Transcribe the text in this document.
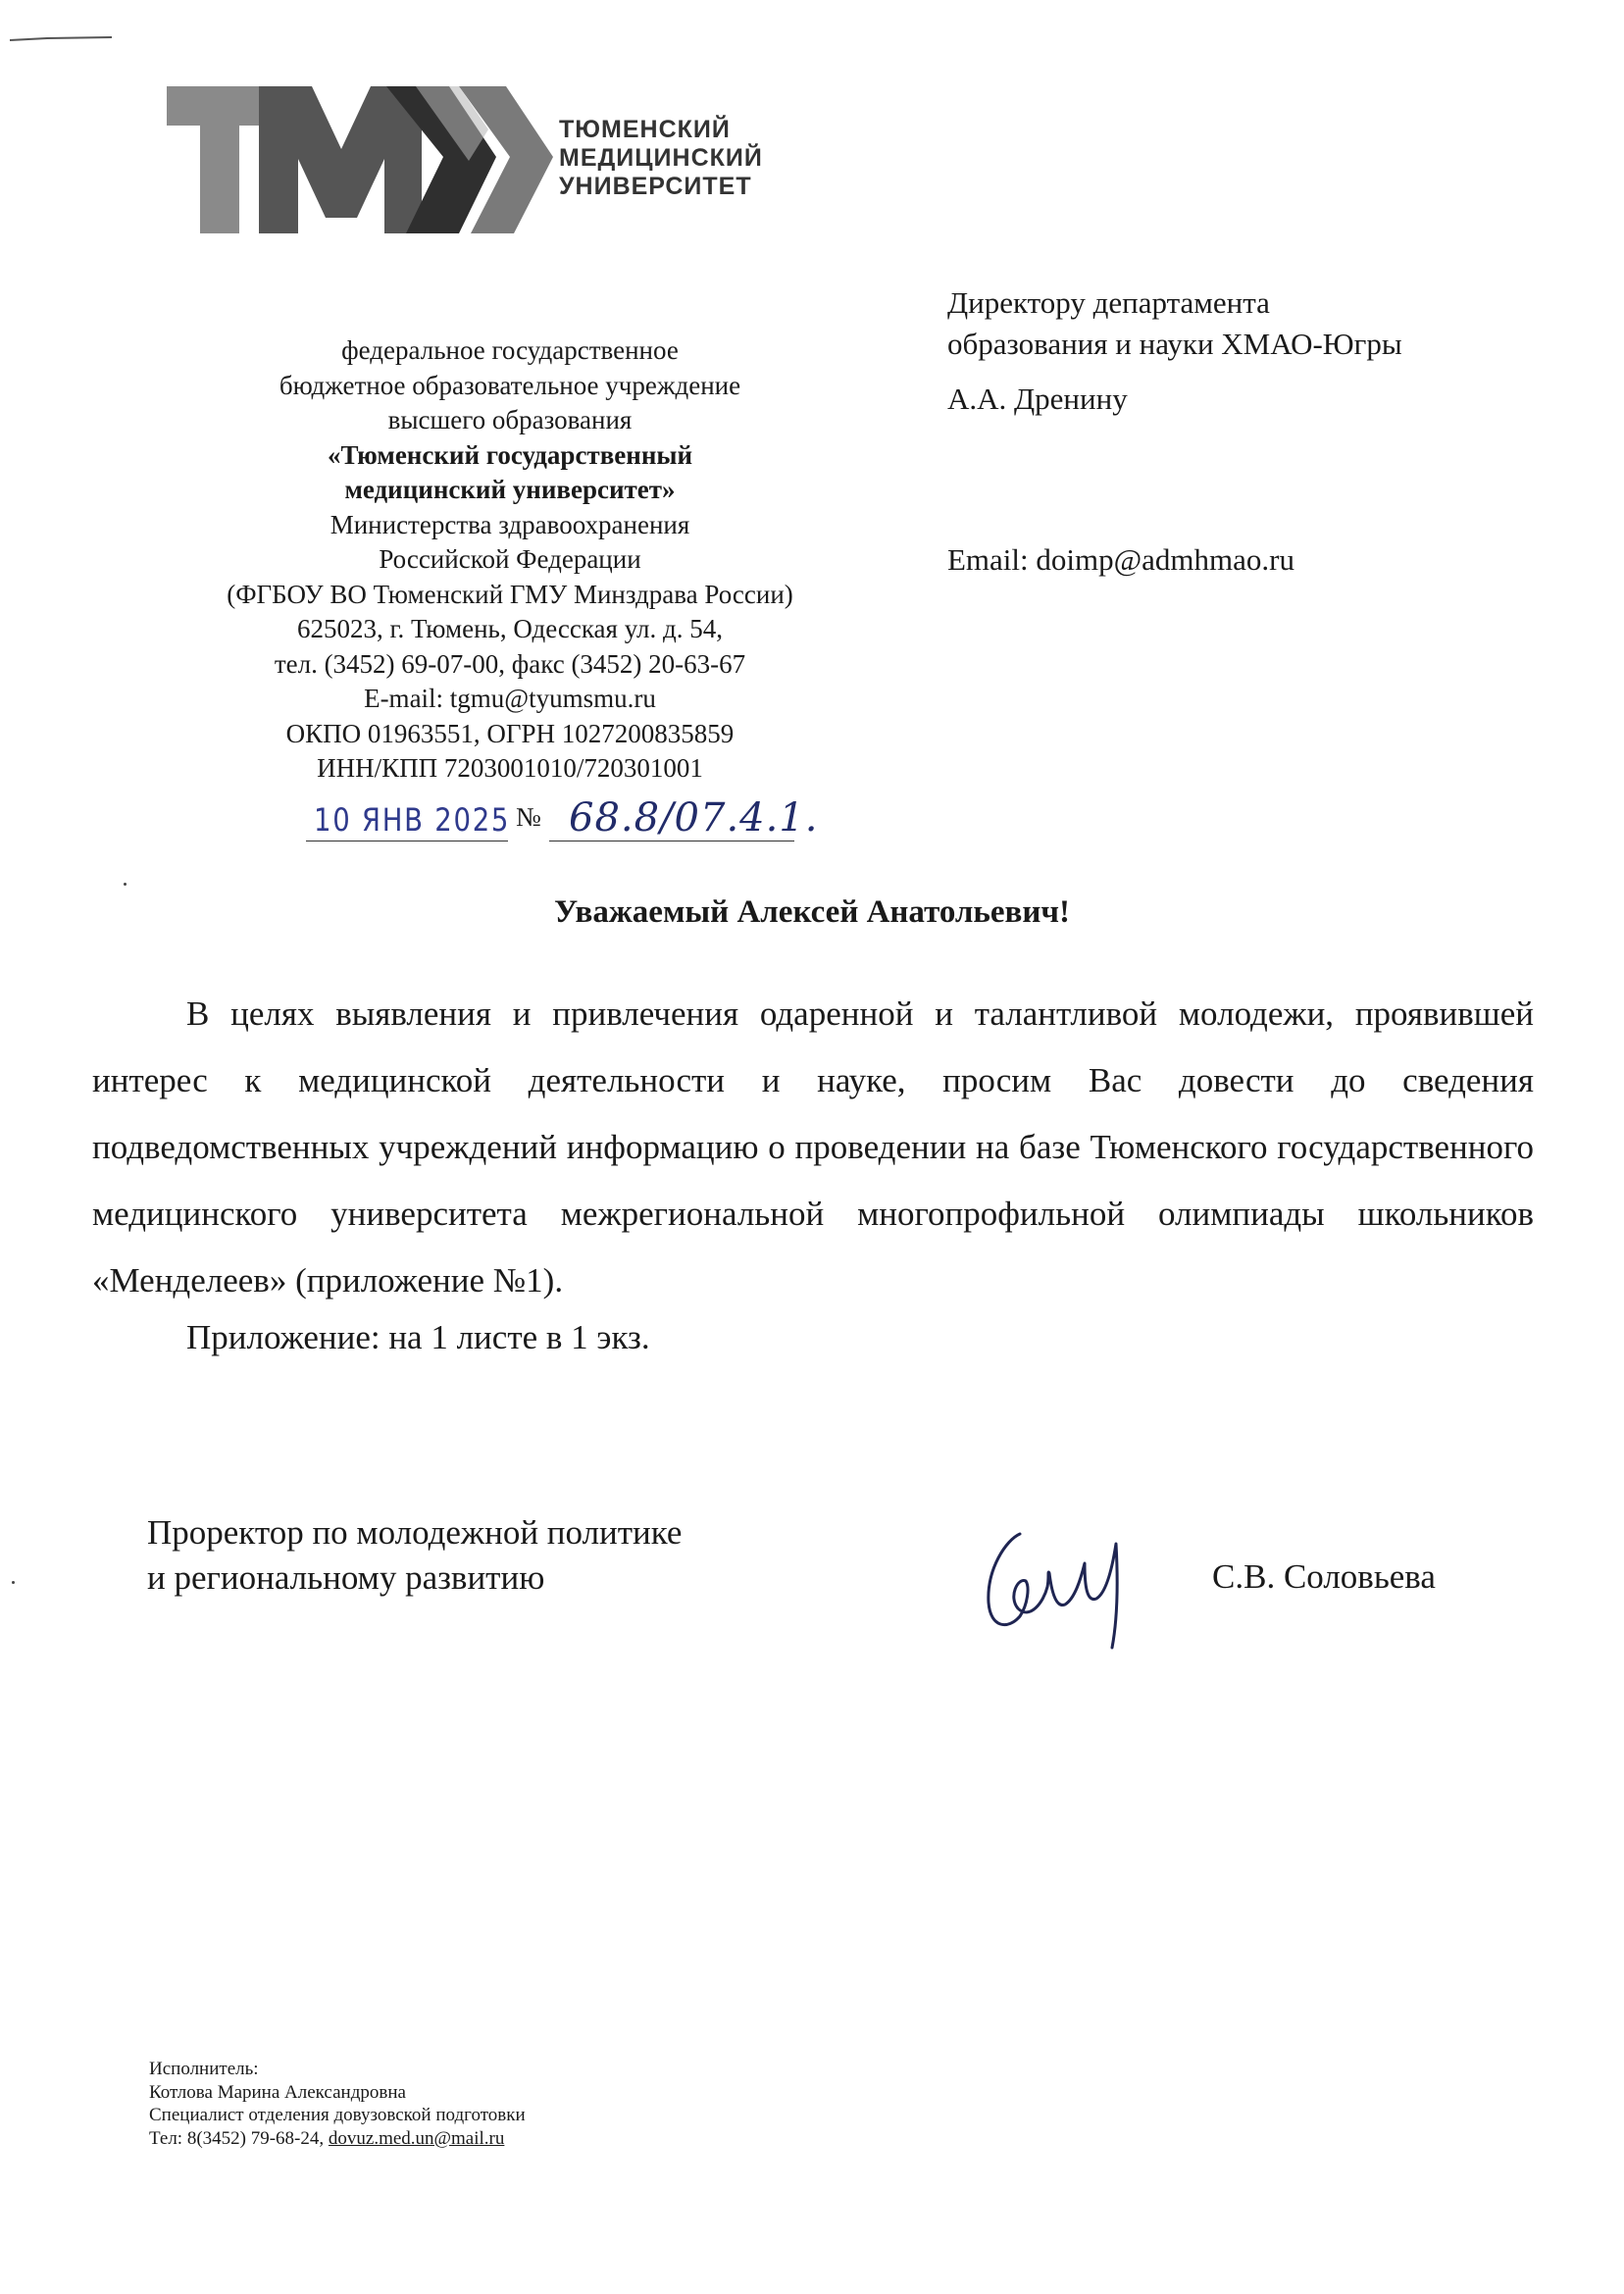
ТЮМЕНСКИЙ
МЕДИЦИНСКИЙ
УНИВЕРСИТЕТ
федеральное государственное
бюджетное образовательное учреждение
высшего образования
«Тюменский государственный
медицинский университет»
Министерства здравоохранения
Российской Федерации
(ФГБОУ ВО Тюменский ГМУ Минздрава России)
625023, г. Тюмень, Одесская ул. д. 54,
тел. (3452) 69-07-00, факс (3452) 20-63-67
E-mail: tgmu@tyumsmu.ru
ОКПО 01963551, ОГРН 1027200835859
ИНН/КПП 7203001010/720301001
10 ЯНВ 2025 № 68.8/07.4.1.
Директору департамента
образования и науки ХМАО-Югры
А.А. Дренину
Email: doimp@admhmao.ru
Уважаемый Алексей Анатольевич!

В целях выявления и привлечения одаренной и талантливой молодежи, проявившей интерес к медицинской деятельности и науке, просим Вас довести до сведения подведомственных учреждений информацию о проведении на базе Тюменского государственного медицинского университета межрегиональной многопрофильной олимпиады школьников «Менделеев» (приложение №1).

Приложение: на 1 листе в 1 экз.
Проректор по молодежной политике
и региональному развитию	С.В. Соловьева
Исполнитель:
Котлова Марина Александровна
Специалист отделения довузовской подготовки
Тел: 8(3452) 79-68-24, dovuz.med.un@mail.ru
